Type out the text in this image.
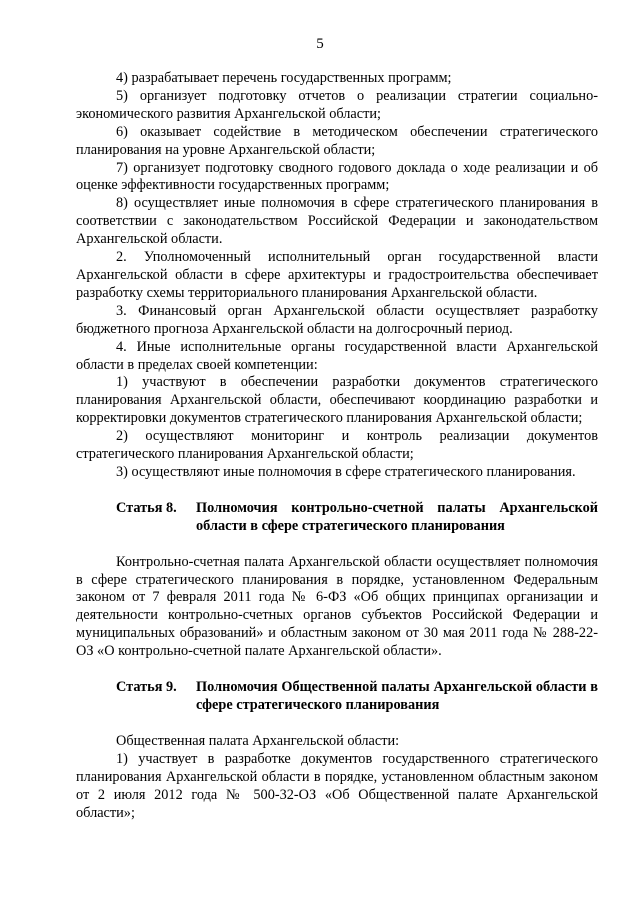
5

4) разрабатывает перечень государственных программ;

5) организует подготовку отчетов о реализации стратегии социально-экономического развития Архангельской области;

6) оказывает содействие в методическом обеспечении стратегического планирования на уровне Архангельской области;

7) организует подготовку сводного годового доклада о ходе реализации и об оценке эффективности государственных программ;

8) осуществляет иные полномочия в сфере стратегического планирования в соответствии с законодательством Российской Федерации и законодательством Архангельской области.

2. Уполномоченный исполнительный орган государственной власти Архангельской области в сфере архитектуры и градостроительства обеспечивает разработку схемы территориального планирования Архангельской области.

3. Финансовый орган Архангельской области осуществляет разработку бюджетного прогноза Архангельской области на долгосрочный период.

4. Иные исполнительные органы государственной власти Архангельской области в пределах своей компетенции:

1) участвуют в обеспечении разработки документов стратегического планирования Архангельской области, обеспечивают координацию разработки и корректировки документов стратегического планирования Архангельской области;

2) осуществляют мониторинг и контроль реализации документов стратегического планирования Архангельской области;

3) осуществляют иные полномочия в сфере стратегического планирования.

Статья 8.	Полномочия контрольно-счетной палаты Архангельской области в сфере стратегического планирования

Контрольно-счетная палата Архангельской области осуществляет полномочия в сфере стратегического планирования в порядке, установленном Федеральным законом от 7 февраля 2011 года № 6-ФЗ «Об общих принципах организации и деятельности контрольно-счетных органов субъектов Российской Федерации и муниципальных образований» и областным законом от 30 мая 2011 года № 288-22-ОЗ «О контрольно-счетной палате Архангельской области».

Статья 9.	Полномочия Общественной палаты Архангельской области в сфере стратегического планирования

Общественная палата Архангельской области:

1) участвует в разработке документов государственного стратегического планирования Архангельской области в порядке, установленном областным законом от 2 июля 2012 года № 500-32-ОЗ «Об Общественной палате Архангельской области»;
